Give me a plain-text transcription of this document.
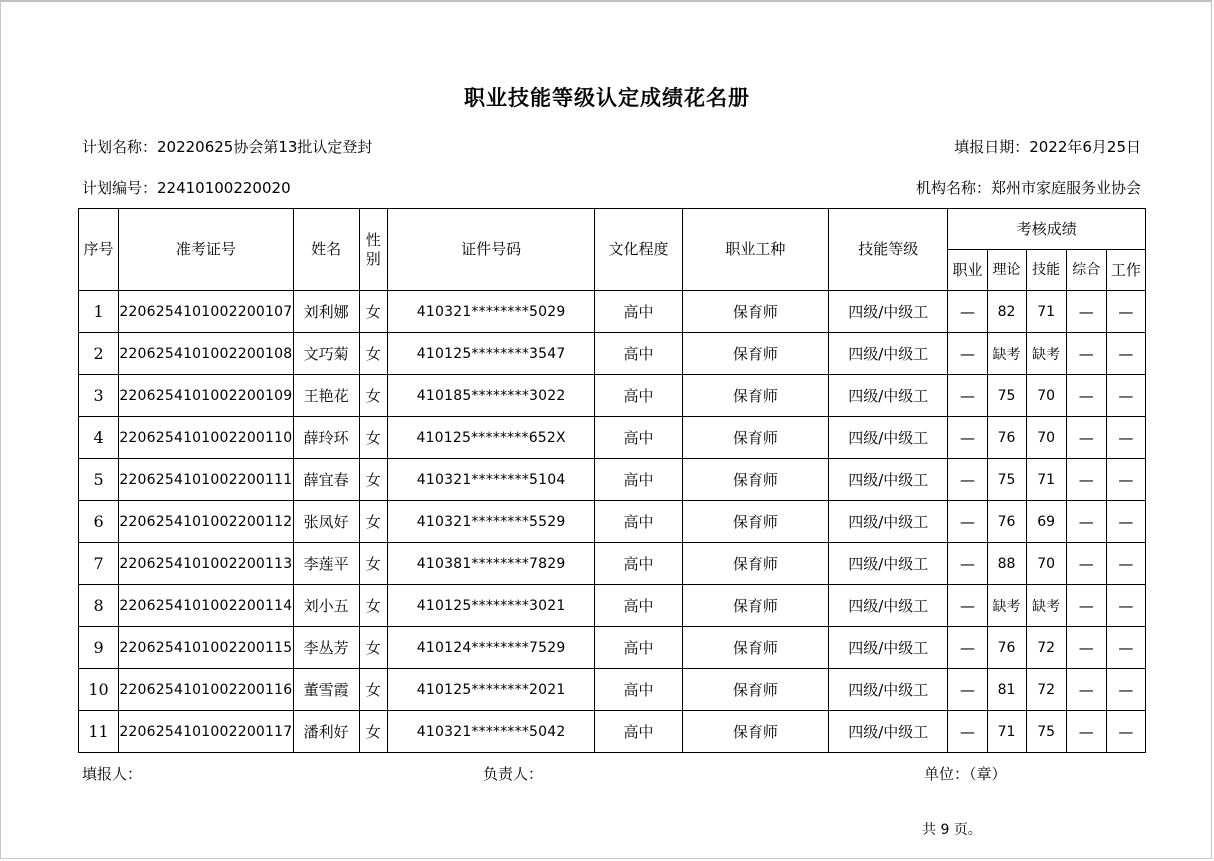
职业技能等级认定成绩花名册
计划名称：20220625协会第13批认定登封	填报日期：2022年6月25日
计划编号：22410100220020	机构名称：郑州市家庭服务业协会
序号	准考证号	姓名	性别	证件号码	文化程度	职业工种	技能等级	考核成绩				
								职业	理论	技能	综合	工作
1	2206254101002200107	刘利娜	女	410321********5029	高中	保育师	四级/中级工	—	82	71	—	—
2	2206254101002200108	文巧菊	女	410125********3547	高中	保育师	四级/中级工	—	缺考	缺考	—	—
3	2206254101002200109	王艳花	女	410185********3022	高中	保育师	四级/中级工	—	75	70	—	—
4	2206254101002200110	薛玲环	女	410125********652X	高中	保育师	四级/中级工	—	76	70	—	—
5	2206254101002200111	薛宜春	女	410321********5104	高中	保育师	四级/中级工	—	75	71	—	—
6	2206254101002200112	张凤好	女	410321********5529	高中	保育师	四级/中级工	—	76	69	—	—
7	2206254101002200113	李莲平	女	410381********7829	高中	保育师	四级/中级工	—	88	70	—	—
8	2206254101002200114	刘小五	女	410125********3021	高中	保育师	四级/中级工	—	缺考	缺考	—	—
9	2206254101002200115	李丛芳	女	410124********7529	高中	保育师	四级/中级工	—	76	72	—	—
10	2206254101002200116	董雪霞	女	410125********2021	高中	保育师	四级/中级工	—	81	72	—	—
11	2206254101002200117	潘利好	女	410321********5042	高中	保育师	四级/中级工	—	71	75	—	—
填报人：	负责人：	单位：（章）
共 9 页。
